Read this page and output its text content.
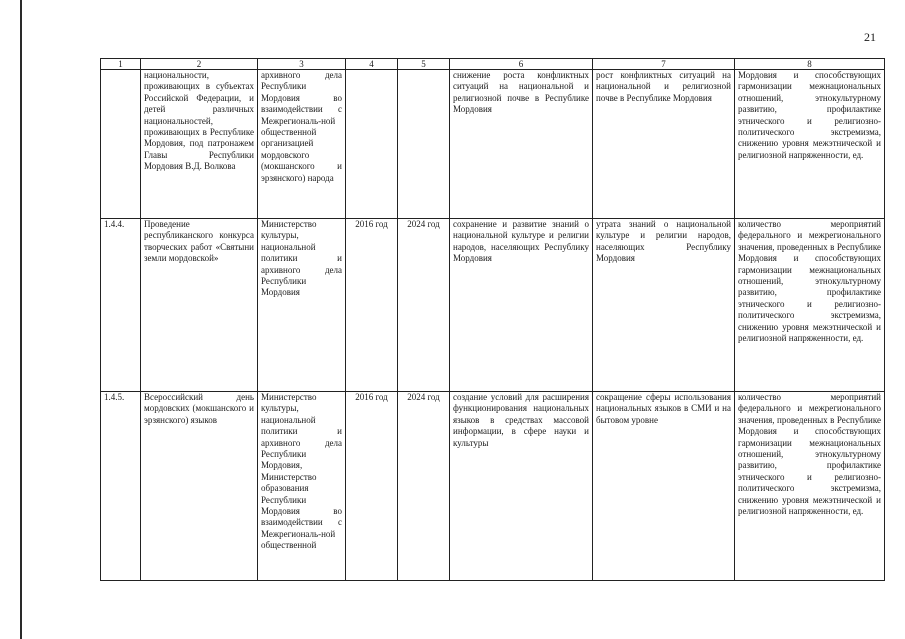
21
1	2	3	4	5	6	7	8

	национальности, проживающих в субъектах Российской Федерации, и детей различных национальностей, проживающих в Республике Мордовия, под патронажем Главы Республики Мордовия В.Д. Волкова	архивного дела Республики Мордовия во взаимодействии с Межрегиональ-ной общественной организацией мордовского (мокшанского и эрзянского) народа			снижение роста конфликтных ситуаций на национальной и религиозной почве в Республике Мордовия	рост конфликтных ситуаций на национальной и религиозной почве в Республике Мордовия	Мордовия и способствующих гармонизации межнациональных отношений, этнокультурному развитию, профилактике этнического и религиозно-политического экстремизма, снижению уровня межэтнической и религиозной напряженности, ед.

1.4.4.	Проведение республиканского конкурса творческих работ «Святыни земли мордовской»	Министерство культуры, национальной политики и архивного дела Республики Мордовия	2016 год	2024 год	сохранение и развитие знаний о национальной культуре и религии народов, населяющих Республику Мордовия	утрата знаний о национальной культуре и религии народов, населяющих Республику Мордовия	количество мероприятий федерального и межрегионального значения, проведенных в Республике Мордовия и способствующих гармонизации межнациональных отношений, этнокультурному развитию, профилактике этнического и религиозно-политического экстремизма, снижению уровня межэтнической и религиозной напряженности, ед.

1.4.5.	Всероссийский день мордовских (мокшанского и эрзянского) языков	Министерство культуры, национальной политики и архивного дела Республики Мордовия, Министерство образования Республики Мордовия во взаимодействии с Межрегиональ-ной общественной	2016 год	2024 год	создание условий для расширения функционирования национальных языков в средствах массовой информации, в сфере науки и культуры	сокращение сферы использования национальных языков в СМИ и на бытовом уровне	количество мероприятий федерального и межрегионального значения, проведенных в Республике Мордовия и способствующих гармонизации межнациональных отношений, этнокультурному развитию, профилактике этнического и религиозно-политического экстремизма, снижению уровня межэтнической и религиозной напряженности, ед.
